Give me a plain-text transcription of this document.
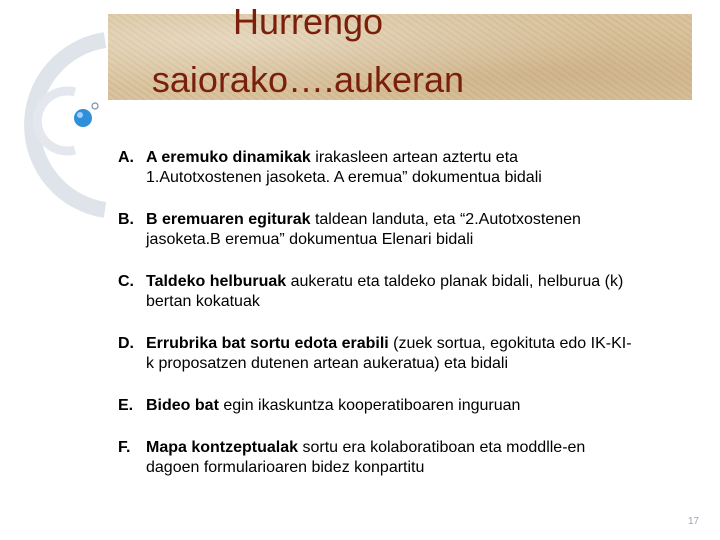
Hurrengo
saiorako….aukeran
A. A eremuko dinamikak irakasleen artean aztertu eta 1.Autotxostenen jasoketa. A eremua” dokumentua bidali
B. B eremuaren egiturak taldean landuta, eta “2.Autotxostenen jasoketa.B eremua” dokumentua Elenari bidali
C. Taldeko helburuak aukeratu eta taldeko planak bidali, helburua (k) bertan kokatuak
D. Errubrika bat sortu edota erabili (zuek sortua, egokituta edo IK-KI-k proposatzen dutenen artean aukeratua) eta bidali
E. Bideo bat egin ikaskuntza kooperatiboaren inguruan
F. Mapa kontzeptualak sortu era kolaboratiboan eta moddlle-en dagoen formularioaren bidez konpartitu
17
